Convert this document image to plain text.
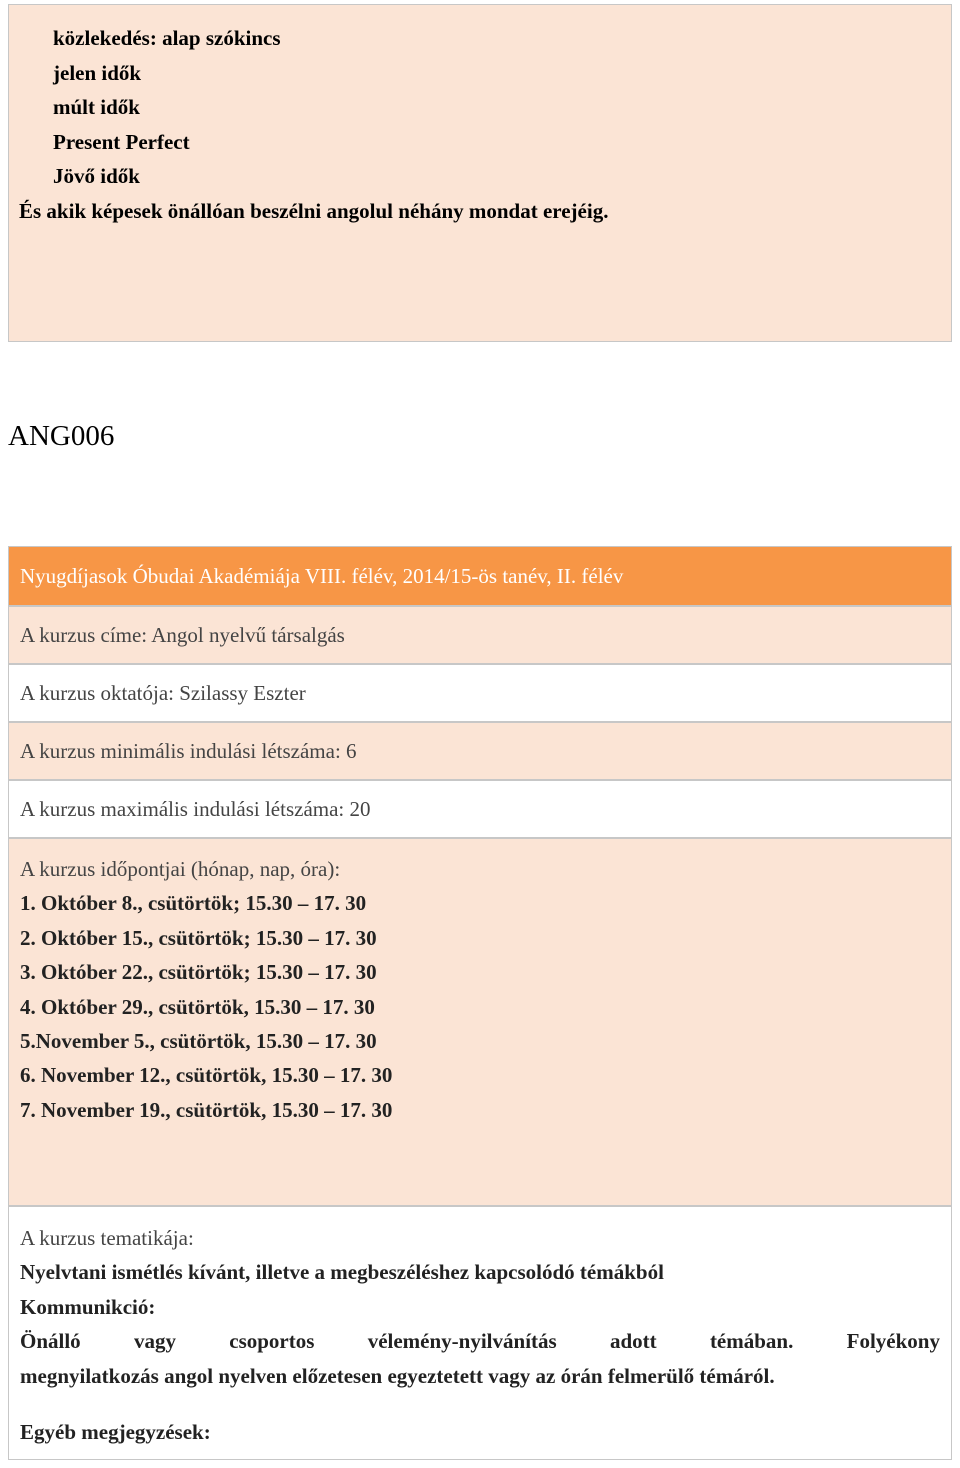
közlekedés: alap szókincs
jelen idők
múlt idők
Present Perfect
Jövő idők
És akik képesek önállóan beszélni angolul néhány mondat erejéig.
ANG006
Nyugdíjasok Óbudai Akadémiája VIII. félév, 2014/15-ös tanév, II. félév
A kurzus címe: Angol nyelvű társalgás
A kurzus oktatója: Szilassy Eszter
A kurzus minimális indulási létszáma: 6
A kurzus maximális indulási létszáma: 20
A kurzus időpontjai (hónap, nap, óra):
1. Október 8., csütörtök; 15.30 – 17. 30
2. Október 15., csütörtök; 15.30 – 17. 30
3. Október 22., csütörtök; 15.30 – 17. 30
4. Október 29., csütörtök, 15.30 – 17. 30
5.November 5., csütörtök, 15.30 – 17. 30
6. November 12., csütörtök, 15.30 – 17. 30
7. November 19., csütörtök, 15.30 – 17. 30
A kurzus tematikája:
Nyelvtani ismétlés kívánt, illetve a megbeszéléshez kapcsolódó témákból
Kommunikció:
Önálló vagy csoportos vélemény-nyilvánítás adott témában. Folyékony
megnyilatkozás angol nyelven előzetesen egyeztetett vagy az órán felmerülő témáról.
Egyéb megjegyzések:
